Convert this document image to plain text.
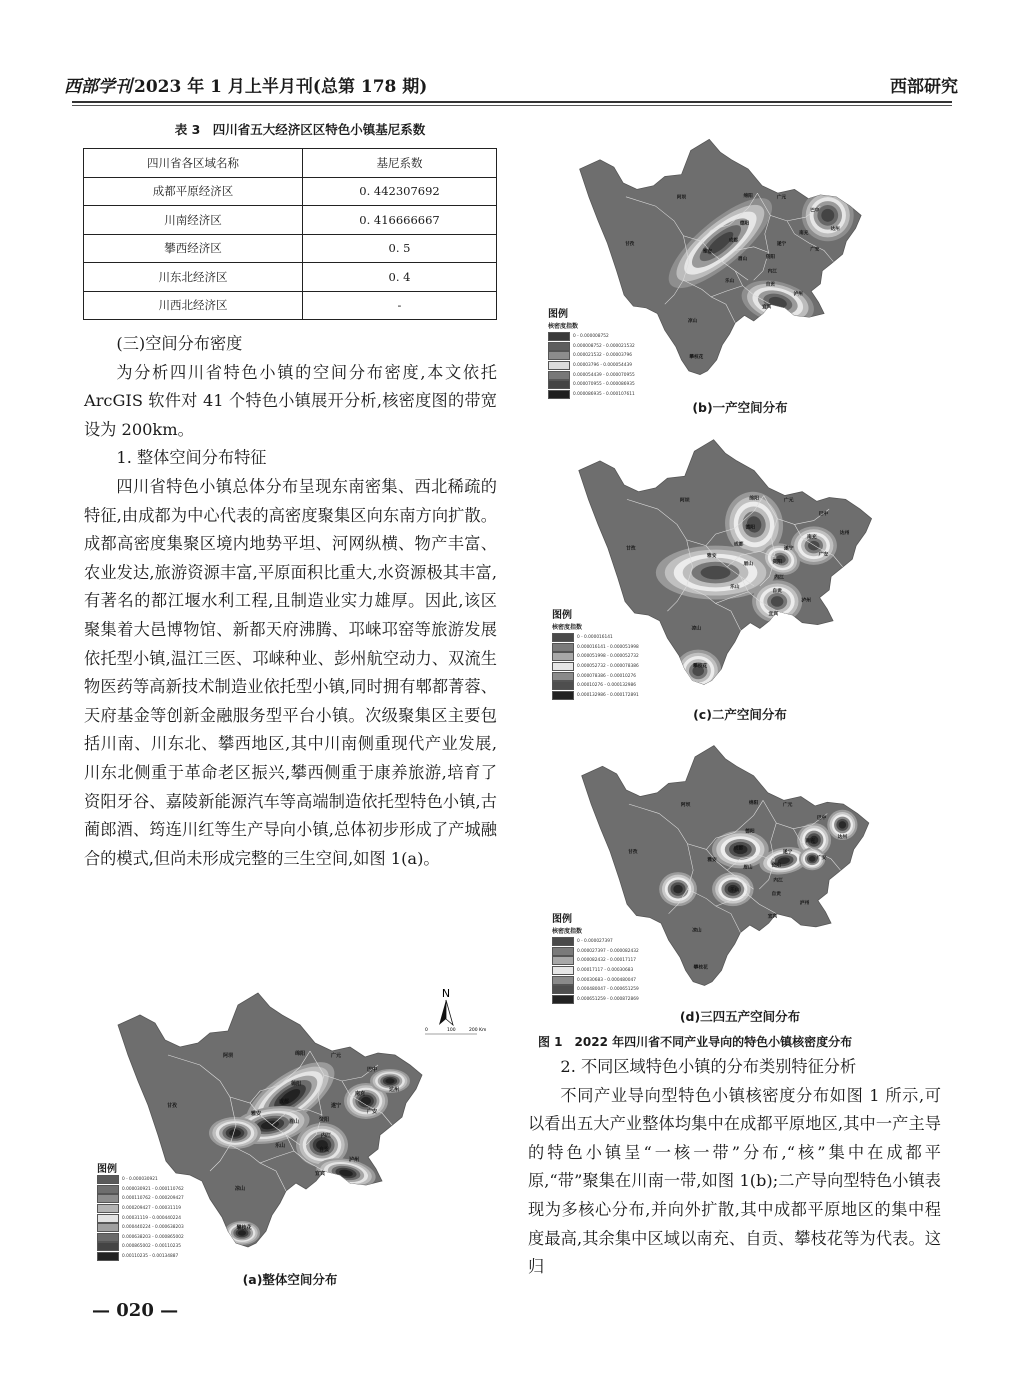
西部学刊 2023 年 1 月上半月刊(总第 178 期)	西部研究
表 3　四川省五大经济区区特色小镇基尼系数
四川省各区域名称	基尼系数
成都平原经济区	0. 442307692
川南经济区	0. 416666667
攀西经济区	0. 5
川东北经济区	0. 4
川西北经济区	-

(三)空间分布密度

为分析四川省特色小镇的空间分布密度,本文依托 ArcGIS 软件对 41 个特色小镇展开分析,核密度图的带宽设为 200km。

1. 整体空间分布特征

四川省特色小镇总体分布呈现东南密集、西北稀疏的特征,由成都为中心代表的高密度聚集区向东南方向扩散。成都高密度集聚区境内地势平坦、河网纵横、物产丰富、农业发达,旅游资源丰富,平原面积比重大,水资源极其丰富,有著名的都江堰水利工程,且制造业实力雄厚。因此,该区聚集着大邑博物馆、新都天府沸腾、邛崃邛窑等旅游发展依托型小镇,温江三医、邛崃种业、彭州航空动力、双流生物医药等高新技术制造业依托型小镇,同时拥有郫都菁蓉、天府基金等创新金融服务型平台小镇。次级聚集区主要包括川南、川东北、攀西地区,其中川南侧重现代产业发展,川东北侧重于革命老区振兴,攀西侧重于康养旅游,培育了资阳牙谷、嘉陵新能源汽车等高端制造依托型特色小镇,古蔺郎酒、筠连川红等生产导向小镇,总体初步形成了产城融合的模式,但尚未形成完整的三生空间,如图 1(a)。

阿坝
甘孜
凉山
攀枝花
绵阳
德阳
成都
雅安
眉山
乐山
广元
巴中
达州
南充
广安
遂宁
资阳
内江
自贡
宜宾
泸州
图例
0 - 0.000030921
0.000030921 - 0.000110762
0.000110762 - 0.000209427
0.000209427 - 0.00031119
0.00031119 - 0.000440224
0.000440224 - 0.000638203
0.000638203 - 0.000865002
0.000865002 - 0.00110235
0.00110235 - 0.00134887
N
0	100	200 Km
(a)整体空间分布
阿坝
甘孜
凉山
攀枝花
绵阳
德阳
成都
雅安
眉山
乐山
广元
巴中
达州
南充
广安
遂宁
资阳
内江
自贡
宜宾
泸州
图例
核密度指数
0 - 0.000008752
0.000008752 - 0.000021532
0.000021532 - 0.00003796
0.00003796 - 0.000054439
0.000054439 - 0.000070955
0.000070955 - 0.000086935
0.000086935 - 0.000107611
(b)一产空间分布
阿坝
甘孜
凉山
攀枝花
绵阳
德阳
成都
雅安
眉山
乐山
广元
巴中
达州
南充
广安
遂宁
资阳
内江
自贡
宜宾
泸州
图例
核密度指数
0 - 0.000016141
0.000016141 - 0.000051998
0.000051998 - 0.000052732
0.000052732 - 0.000078386
0.000078386 - 0.00010276
0.00010276 - 0.000132986
0.000132986 - 0.000172891
(c)二产空间分布
阿坝
甘孜
凉山
攀枝花
绵阳
德阳
成都
雅安
眉山
乐山
广元
巴中
达州
南充
广安
遂宁
资阳
内江
自贡
宜宾
泸州
图例
核密度指数
0 - 0.000027397
0.000027397 - 0.000082432
0.000082432 - 0.00017117
0.00017117 - 0.00030683
0.00030683 - 0.000480047
0.000480047 - 0.000651259
0.000651259 - 0.000872869
(d)三四五产空间分布
图 1　2022 年四川省不同产业导向的特色小镇核密度分布

2. 不同区域特色小镇的分布类别特征分析

不同产业导向型特色小镇核密度分布如图 1 所示,可以看出五大产业整体均集中在成都平原地区,其中一产主导的特色小镇呈“一核一带”分布,“核”集中在成都平原,“带”聚集在川南一带,如图 1(b);二产导向型特色小镇表现为多核心分布,并向外扩散,其中成都平原地区的集中程度最高,其余集中区域以南充、自贡、攀枝花等为代表。这归

— 020 —
